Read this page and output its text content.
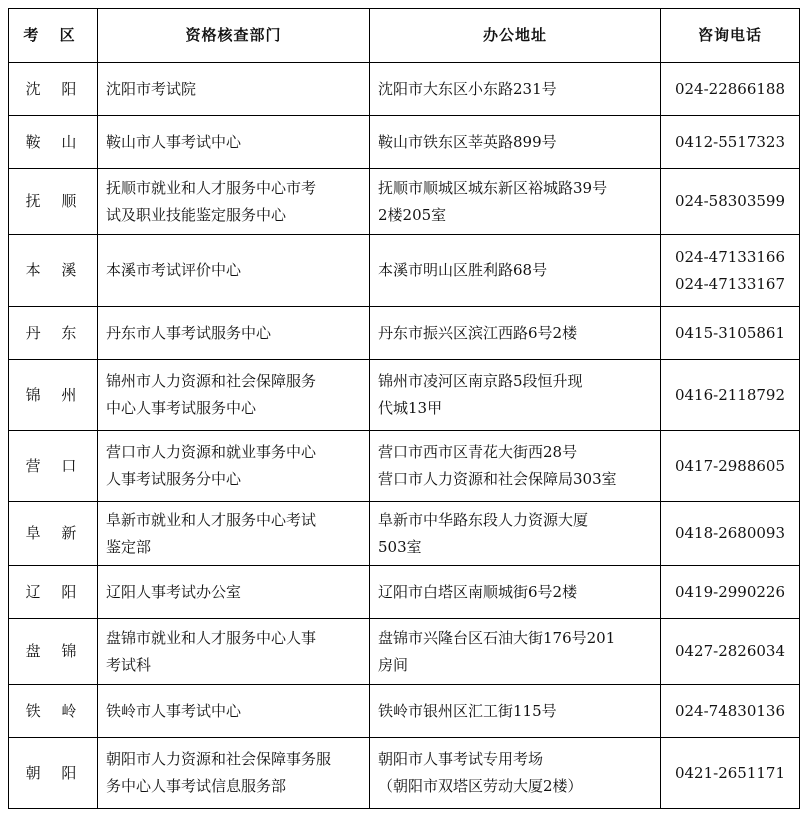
考 区	资格核查部门	办公地址	咨询电话
沈 阳	沈阳市考试院	沈阳市大东区小东路231号	024-22866188

鞍 山	鞍山市人事考试中心	鞍山市铁东区莘英路899号	0412-5517323

抚 顺	抚顺市就业和人才服务中心市考
试及职业技能鉴定服务中心	抚顺市顺城区城东新区裕城路39号
2楼205室	024-58303599

本 溪	本溪市考试评价中心	本溪市明山区胜利路68号	024-47133166
024-47133167

丹 东	丹东市人事考试服务中心	丹东市振兴区滨江西路6号2楼	0415-3105861

锦 州	锦州市人力资源和社会保障服务
中心人事考试服务中心	锦州市凌河区南京路5段恒升现
代城13甲	0416-2118792

营 口	营口市人力资源和就业事务中心
人事考试服务分中心	营口市西市区青花大街西28号
营口市人力资源和社会保障局303室	0417-2988605

阜 新	阜新市就业和人才服务中心考试
鉴定部	阜新市中华路东段人力资源大厦
503室	0418-2680093

辽 阳	辽阳人事考试办公室	辽阳市白塔区南顺城街6号2楼	0419-2990226

盘 锦	盘锦市就业和人才服务中心人事
考试科	盘锦市兴隆台区石油大街176号201
房间	0427-2826034

铁 岭	铁岭市人事考试中心	铁岭市银州区汇工街115号	024-74830136

朝 阳	朝阳市人力资源和社会保障事务服
务中心人事考试信息服务部	朝阳市人事考试专用考场
（朝阳市双塔区劳动大厦2楼）	0421-2651171
